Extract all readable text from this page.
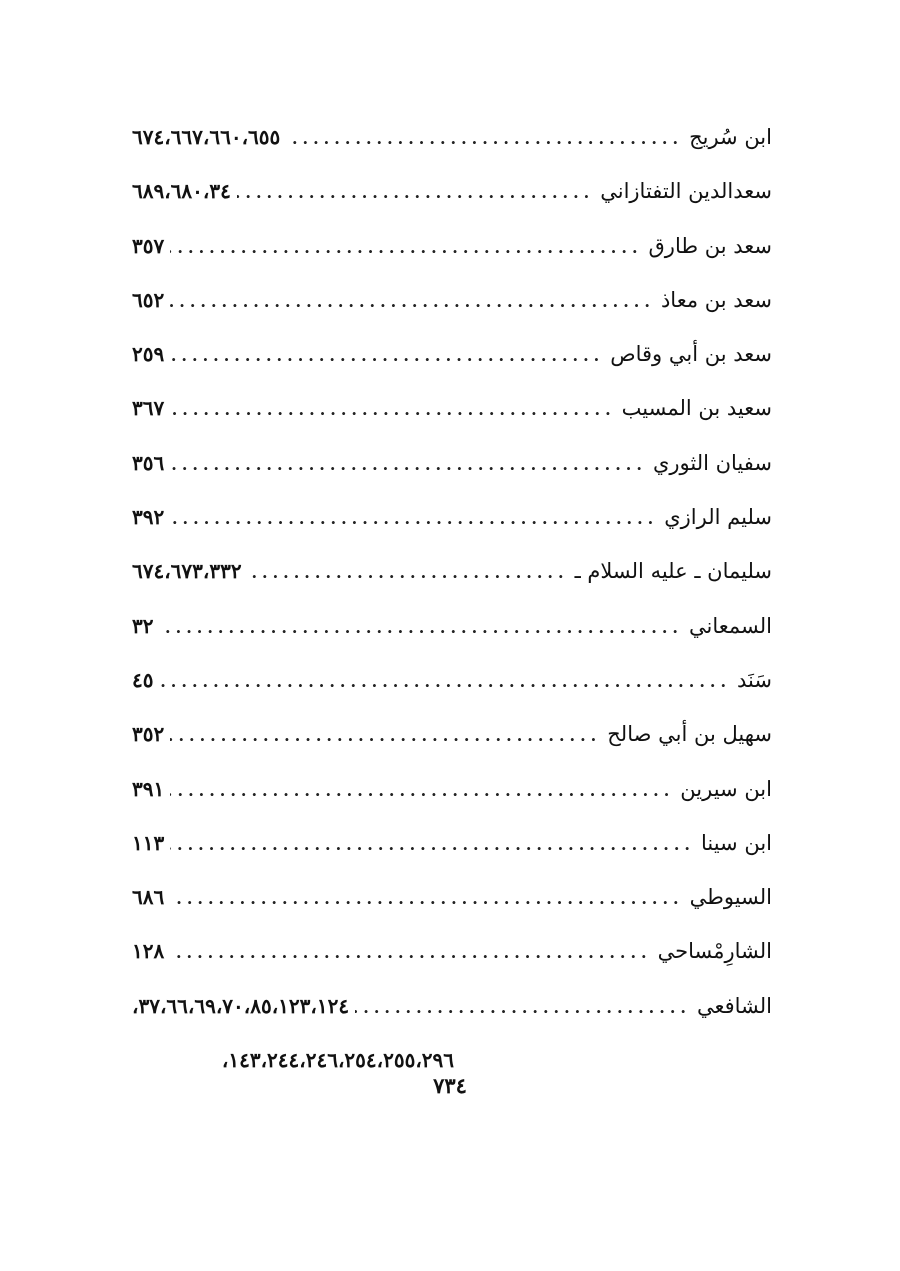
ابن سُريج
.....
٦٧٤،٦٦٧،٦٦٠،٦٥٥
سعدالدين التفتازاني
.....
٦٨٩،٦٨٠،٣٤
سعد بن طارق
.....
٣٥٧
سعد بن معاذ
.....
٦٥٢
سعد بن أبي وقاص
.....
٢٥٩
سعيد بن المسيب
.....
٣٦٧
سفيان الثوري
.....
٣٥٦
سليم الرازي
.....
٣٩٢
سليمان ـ عليه السلام ـ
.....
٦٧٤،٦٧٣،٣٣٢
السمعاني
.....
٣٢
سَنَد
.....
٤٥
سهيل بن أبي صالح
.....
٣٥٢
ابن سيرين
.....
٣٩١
ابن سينا
.....
١١٣
السيوطي
.....
٦٨٦
الشارِمْساحي
.....
١٢٨
الشافعي
.....
٣٧،٦٦،٦٩،٧٠،٨٥،١٢٣،١٢٤،
١٤٣،٢٤٤،٢٤٦،٢٥٤،٢٥٥،٢٩٦،
٧٣٤
